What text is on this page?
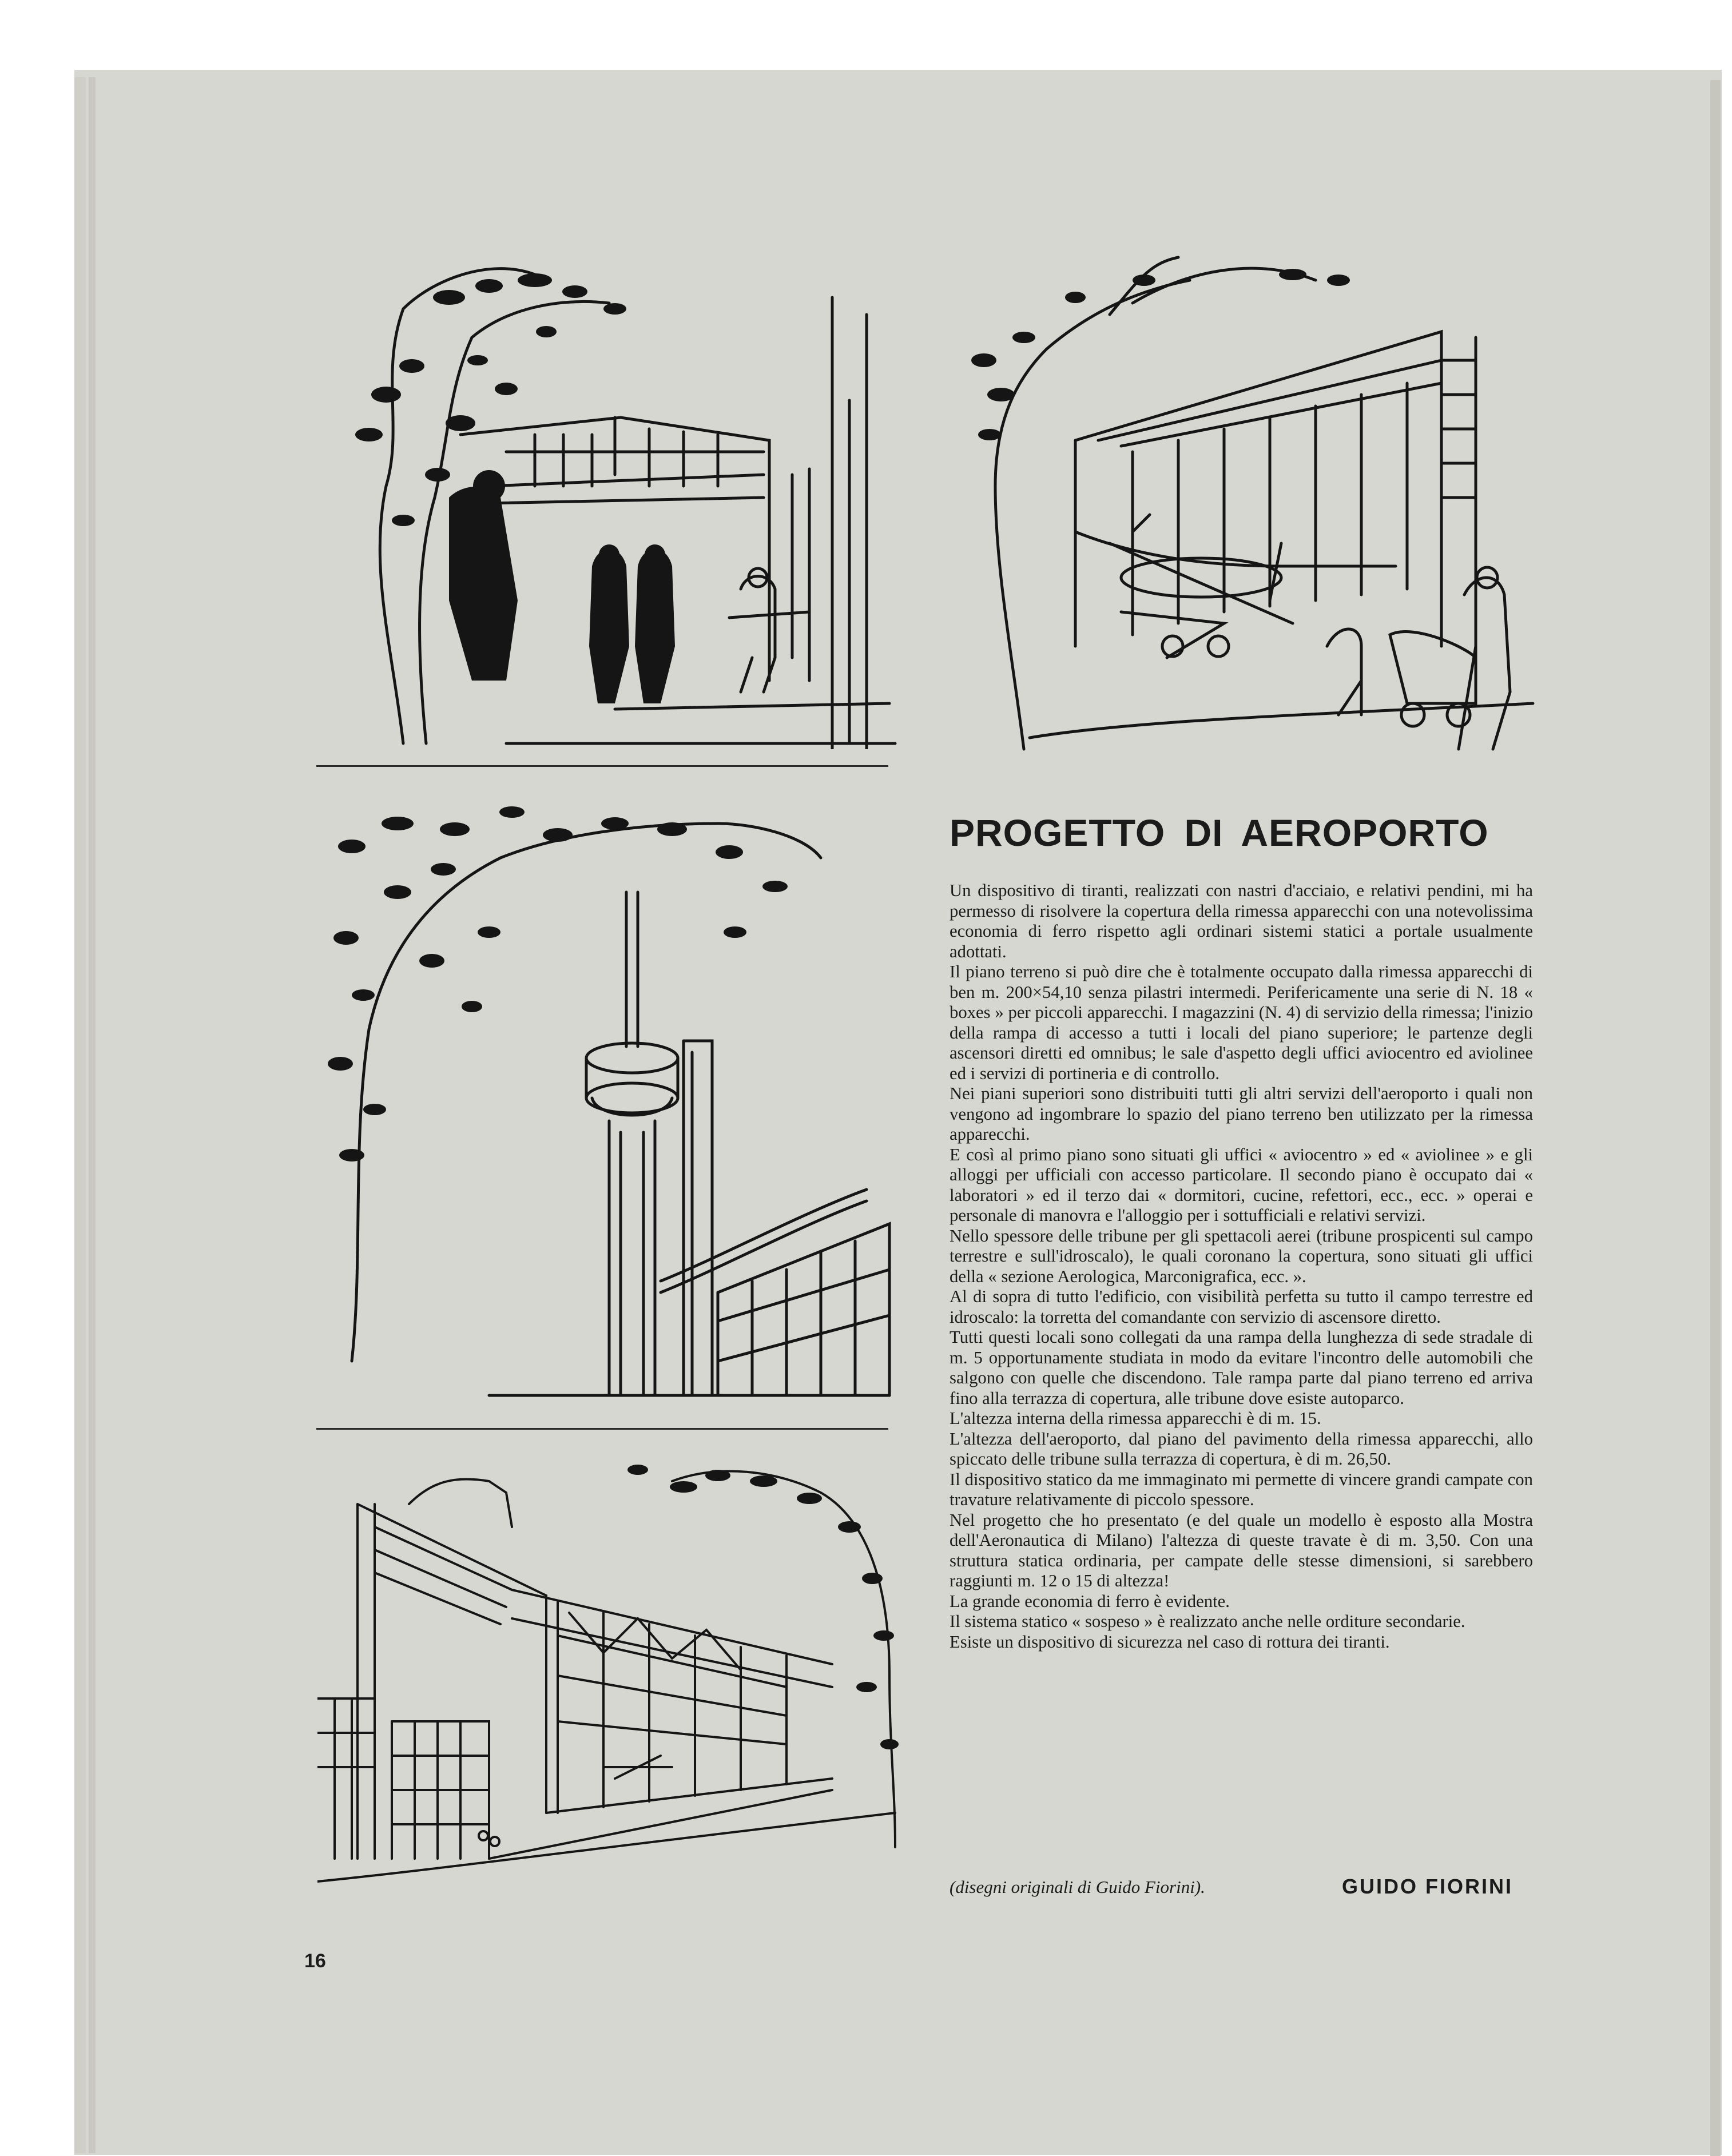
PROGETTO DI AEROPORTO

Un dispositivo di tiranti, realizzati con nastri d'acciaio, e relativi pendini, mi ha permesso di risolvere la copertura della rimessa apparecchi con una notevolissima economia di ferro rispetto agli ordinari sistemi statici a portale usualmente adottati.

Il piano terreno si può dire che è totalmente occupato dalla rimessa apparecchi di ben m. 200×54,10 senza pilastri intermedi. Perifericamente una serie di N. 18 « boxes » per piccoli apparecchi. I magazzini (N. 4) di servizio della rimessa; l'inizio della rampa di accesso a tutti i locali del piano superiore; le partenze degli ascensori diretti ed omnibus; le sale d'aspetto degli uffici aviocentro ed aviolinee ed i servizi di portineria e di controllo.

Nei piani superiori sono distribuiti tutti gli altri servizi dell'aeroporto i quali non vengono ad ingombrare lo spazio del piano terreno ben utilizzato per la rimessa apparecchi.

E così al primo piano sono situati gli uffici « aviocentro » ed « aviolinee » e gli alloggi per ufficiali con accesso particolare. Il secondo piano è occupato dai « laboratori » ed il terzo dai « dormitori, cucine, refettori, ecc., ecc. » operai e personale di manovra e l'alloggio per i sottufficiali e relativi servizi.

Nello spessore delle tribune per gli spettacoli aerei (tribune prospicenti sul campo terrestre e sull'idroscalo), le quali coronano la copertura, sono situati gli uffici della « sezione Aerologica, Marconigrafica, ecc. ».

Al di sopra di tutto l'edificio, con visibilità perfetta su tutto il campo terrestre ed idroscalo: la torretta del comandante con servizio di ascensore diretto.

Tutti questi locali sono collegati da una rampa della lunghezza di sede stradale di m. 5 opportunamente studiata in modo da evitare l'incontro delle automobili che salgono con quelle che discendono. Tale rampa parte dal piano terreno ed arriva fino alla terrazza di copertura, alle tribune dove esiste autoparco.

L'altezza interna della rimessa apparecchi è di m. 15.

L'altezza dell'aeroporto, dal piano del pavimento della rimessa apparecchi, allo spiccato delle tribune sulla terrazza di copertura, è di m. 26,50.

Il dispositivo statico da me immaginato mi permette di vincere grandi campate con travature relativamente di piccolo spessore.

Nel progetto che ho presentato (e del quale un modello è esposto alla Mostra dell'Aeronautica di Milano) l'altezza di queste travate è di m. 3,50. Con una struttura statica ordinaria, per campate delle stesse dimensioni, si sarebbero raggiunti m. 12 o 15 di altezza!

La grande economia di ferro è evidente.

Il sistema statico « sospeso » è realizzato anche nelle orditure secondarie.

Esiste un dispositivo di sicurezza nel caso di rottura dei tiranti.

(disegni originali di Guido Fiorini).	GUIDO FIORINI
16
